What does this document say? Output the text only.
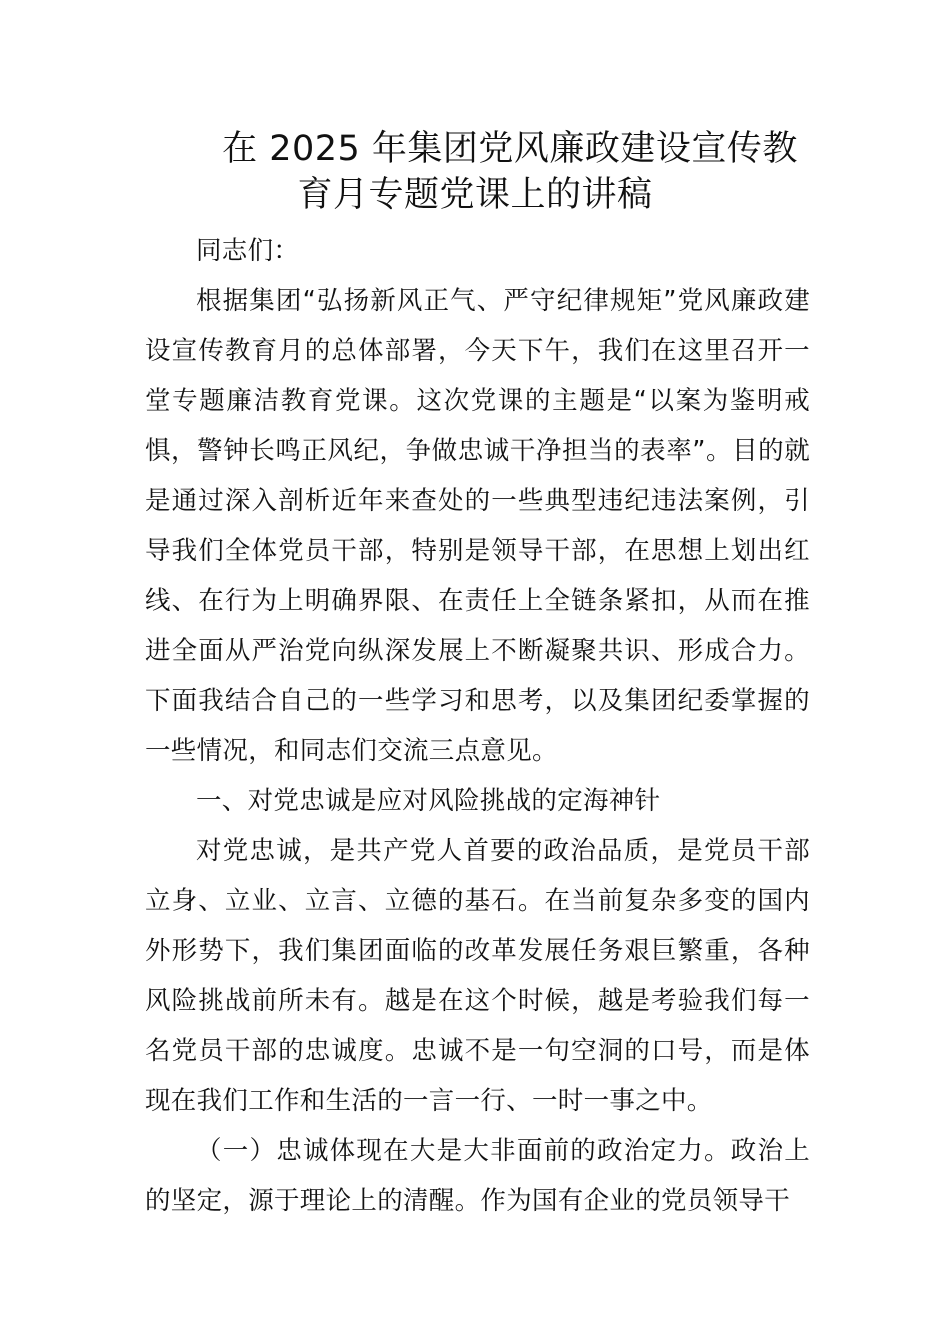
在 2025 年集团党风廉政建设宣传教
育月专题党课上的讲稿

同志们：

根据集团“弘扬新风正气、严守纪律规矩”党风廉政建设宣传教育月的总体部署，今天下午，我们在这里召开一堂专题廉洁教育党课。这次党课的主题是“以案为鉴明戒惧，警钟长鸣正风纪，争做忠诚干净担当的表率”。目的就是通过深入剖析近年来查处的一些典型违纪违法案例，引导我们全体党员干部，特别是领导干部，在思想上划出红线、在行为上明确界限、在责任上全链条紧扣，从而在推进全面从严治党向纵深发展上不断凝聚共识、形成合力。下面我结合自己的一些学习和思考，以及集团纪委掌握的一些情况，和同志们交流三点意见。

一、对党忠诚是应对风险挑战的定海神针

对党忠诚，是共产党人首要的政治品质，是党员干部立身、立业、立言、立德的基石。在当前复杂多变的国内外形势下，我们集团面临的改革发展任务艰巨繁重，各种风险挑战前所未有。越是在这个时候，越是考验我们每一名党员干部的忠诚度。忠诚不是一句空洞的口号，而是体现在我们工作和生活的一言一行、一时一事之中。

（一）忠诚体现在大是大非面前的政治定力。政治上的坚定，源于理论上的清醒。作为国有企业的党员领导干
